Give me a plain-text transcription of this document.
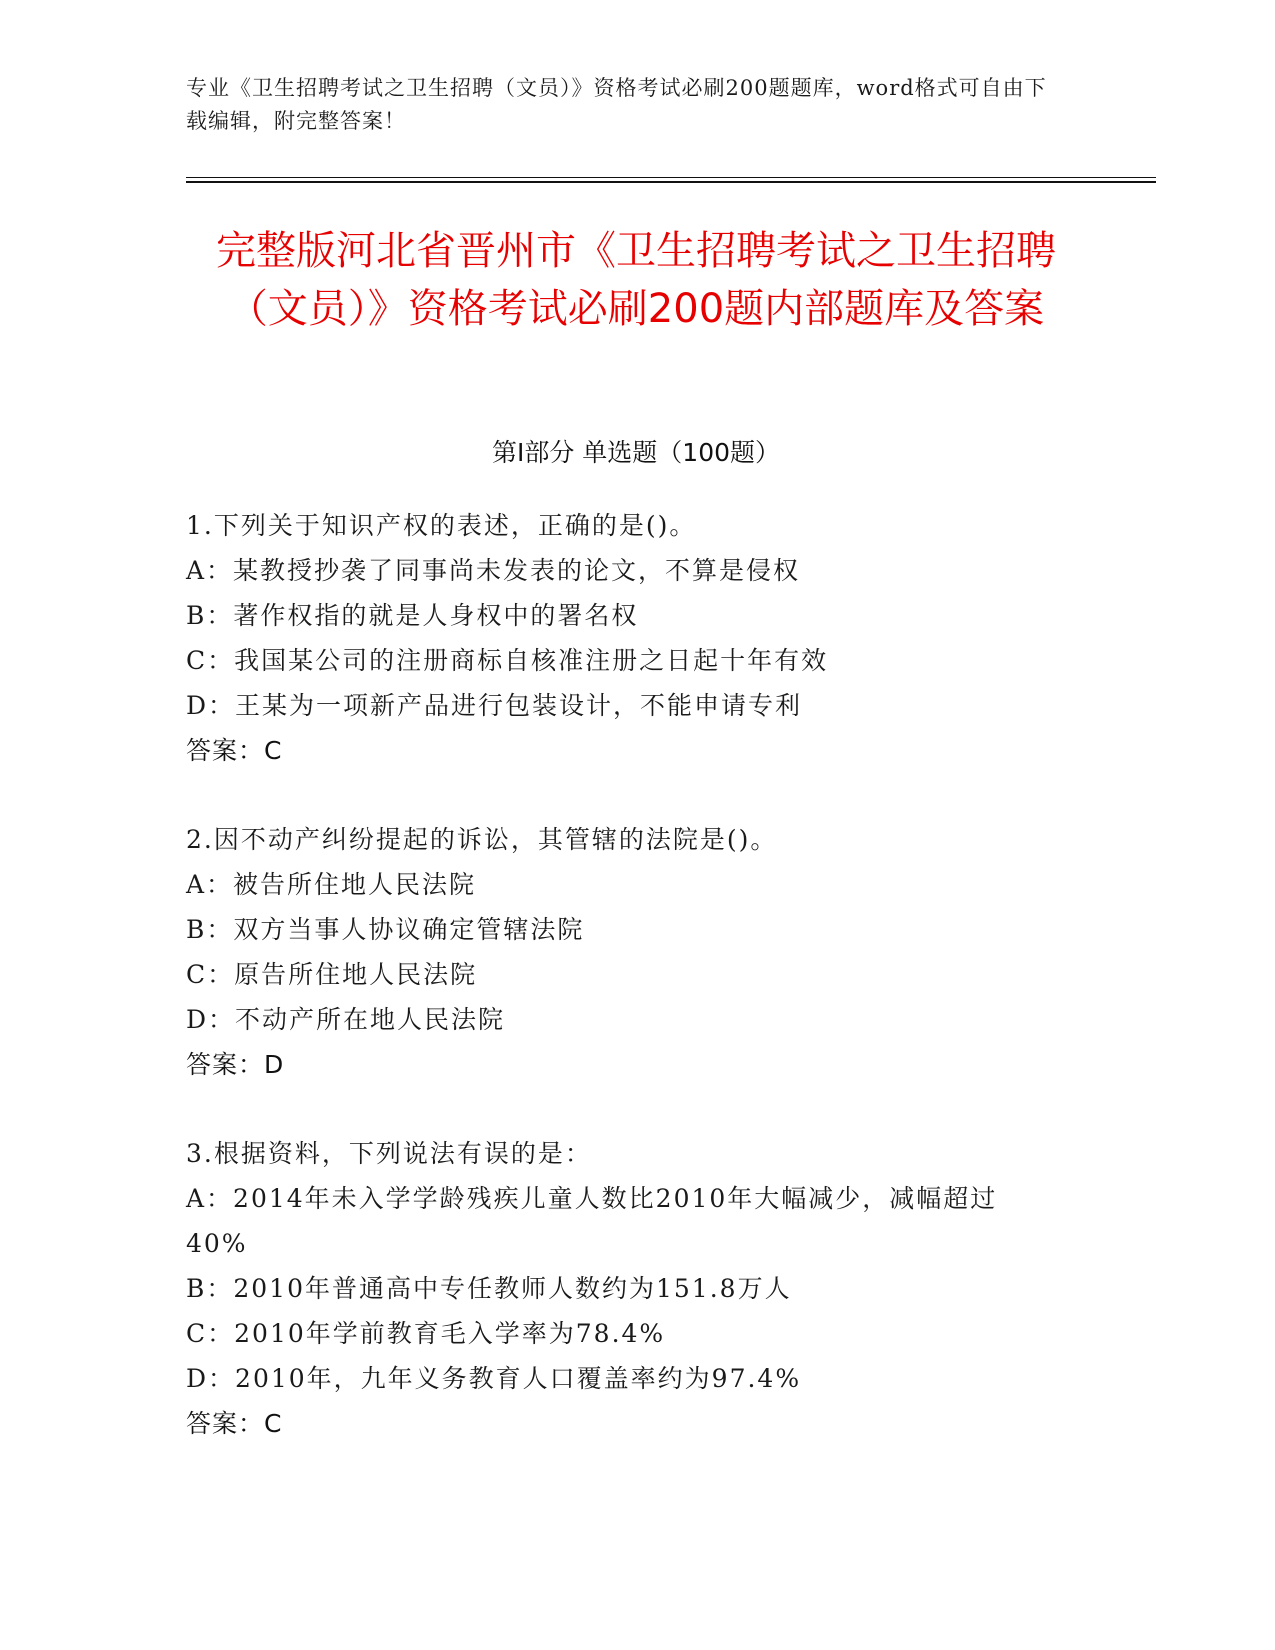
专业《卫生招聘考试之卫生招聘（文员）》资格考试必刷200题题库，word格式可自由下载编辑，附完整答案！
完整版河北省晋州市《卫生招聘考试之卫生招聘（文员）》资格考试必刷200题内部题库及答案
第Ⅰ部分 单选题（100题）
1.下列关于知识产权的表述，正确的是()。
A：某教授抄袭了同事尚未发表的论文，不算是侵权
B：著作权指的就是人身权中的署名权
C：我国某公司的注册商标自核准注册之日起十年有效
D：王某为一项新产品进行包装设计，不能申请专利
答案：C
2.因不动产纠纷提起的诉讼，其管辖的法院是()。
A：被告所住地人民法院
B：双方当事人协议确定管辖法院
C：原告所住地人民法院
D：不动产所在地人民法院
答案：D
3.根据资料，下列说法有误的是：
A：2014年未入学学龄残疾儿童人数比2010年大幅减少，减幅超过40%
B：2010年普通高中专任教师人数约为151.8万人
C：2010年学前教育毛入学率为78.4%
D：2010年，九年义务教育人口覆盖率约为97.4%
答案：C
